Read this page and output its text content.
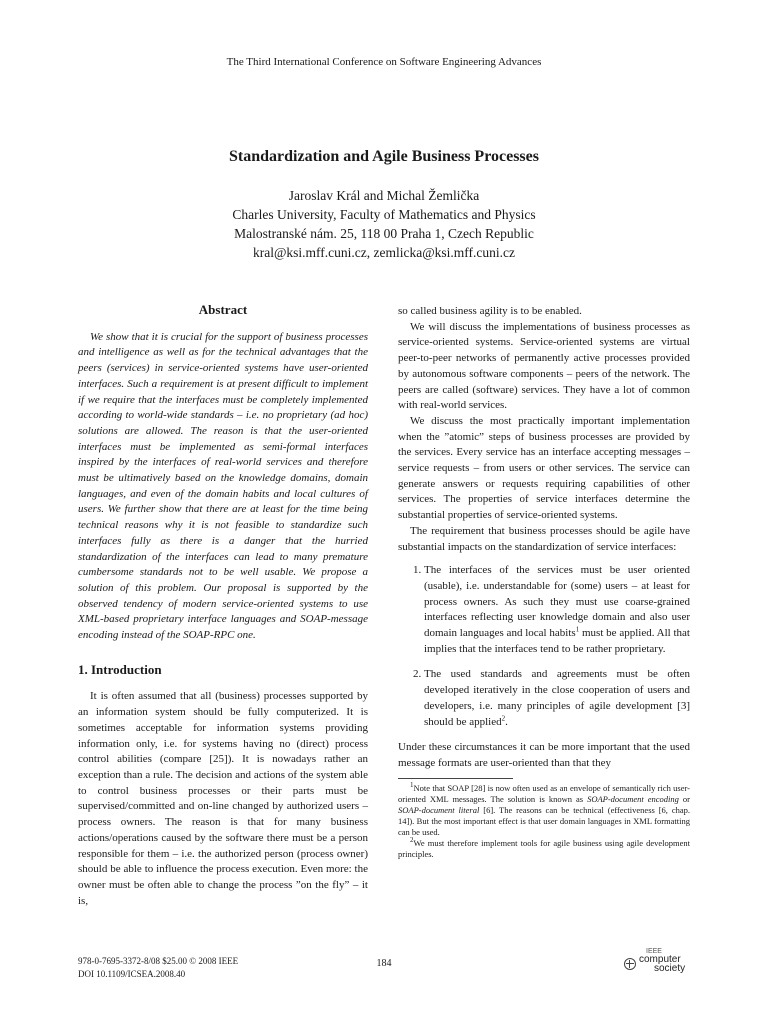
The Third International Conference on Software Engineering Advances
Standardization and Agile Business Processes
Jaroslav Král and Michal Žemlička
Charles University, Faculty of Mathematics and Physics
Malostranské nám. 25, 118 00 Praha 1, Czech Republic
kral@ksi.mff.cuni.cz, zemlicka@ksi.mff.cuni.cz
Abstract

We show that it is crucial for the support of business processes and intelligence as well as for the technical advantages that the peers (services) in service-oriented systems have user-oriented interfaces. Such a requirement is at present difficult to implement if we require that the interfaces must be completely implemented according to world-wide standards – i.e. no proprietary (ad hoc) solutions are allowed. The reason is that the user-oriented interfaces must be implemented as semi-formal interfaces inspired by the interfaces of real-world services and therefore must be ultimatively based on the knowledge domains, domain languages, and even of the domain habits and local cultures of users. We further show that there are at least for the time being technical reasons why it is not feasible to standardize such interfaces fully as there is a danger that the hurried standardization of the interfaces can lead to many premature cumbersome standards not to be well usable. We propose a solution of this problem. Our proposal is supported by the observed tendency of modern service-oriented systems to use XML-based proprietary interface languages and SOAP-message encoding instead of the SOAP-RPC one.

1. Introduction

It is often assumed that all (business) processes supported by an information system should be fully computerized. It is sometimes acceptable for information systems providing information only, i.e. for systems having no (direct) process control abilities (compare [25]). It is nowadays rather an exception than a rule. The decision and actions of the system able to control business processes or their parts must be supervised/committed and on-line changed by authorized users – process owners. The reason is that for many business actions/operations caused by the software there must be a person responsible for them – i.e. the authorized person (process owner) should be able to influence the process execution. Even more: the owner must be often able to change the process ”on the fly” – it is,

so called business agility is to be enabled.

We will discuss the implementations of business processes as service-oriented systems. Service-oriented systems are virtual peer-to-peer networks of permanently active processes provided by autonomous software components – peers of the network. The peers are called (software) services. They have a lot of common with real-world services.

We discuss the most practically important implementation when the ”atomic” steps of business processes are provided by the services. Every service has an interface accepting messages – service requests – from users or other services. The service can generate answers or requests requiring capabilities of other services. The properties of service interfaces determine the substantial properties of service-oriented systems.

The requirement that business processes should be agile have substantial impacts on the standardization of service interfaces:

1. The interfaces of the services must be user oriented (usable), i.e. understandable for (some) users – at least for process owners. As such they must use coarse-grained interfaces reflecting user knowledge domain and also user domain languages and local habits$^1$ must be applied. All that implies that the interfaces tend to be rather proprietary.
2. The used standards and agreements must be often developed iteratively in the close cooperation of users and developers, i.e. many principles of agile development [3] should be applied$^2$.

Under these circumstances it can be more important that the used message formats are user-oriented than that they

$^1$Note that SOAP [28] is now often used as an envelope of semantically rich user-oriented XML messages. The solution is known as SOAP-document encoding or SOAP-document literal [6]. The reasons can be technical (effectiveness [6, chap. 14]). But the most important effect is that user domain languages in XML formatting can be used.

$^2$We must therefore implement tools for agile business using agile development principles.

978-0-7695-3372-8/08 $25.00 © 2008 IEEE
DOI 10.1109/ICSEA.2008.40
184
IEEE
computer
society
